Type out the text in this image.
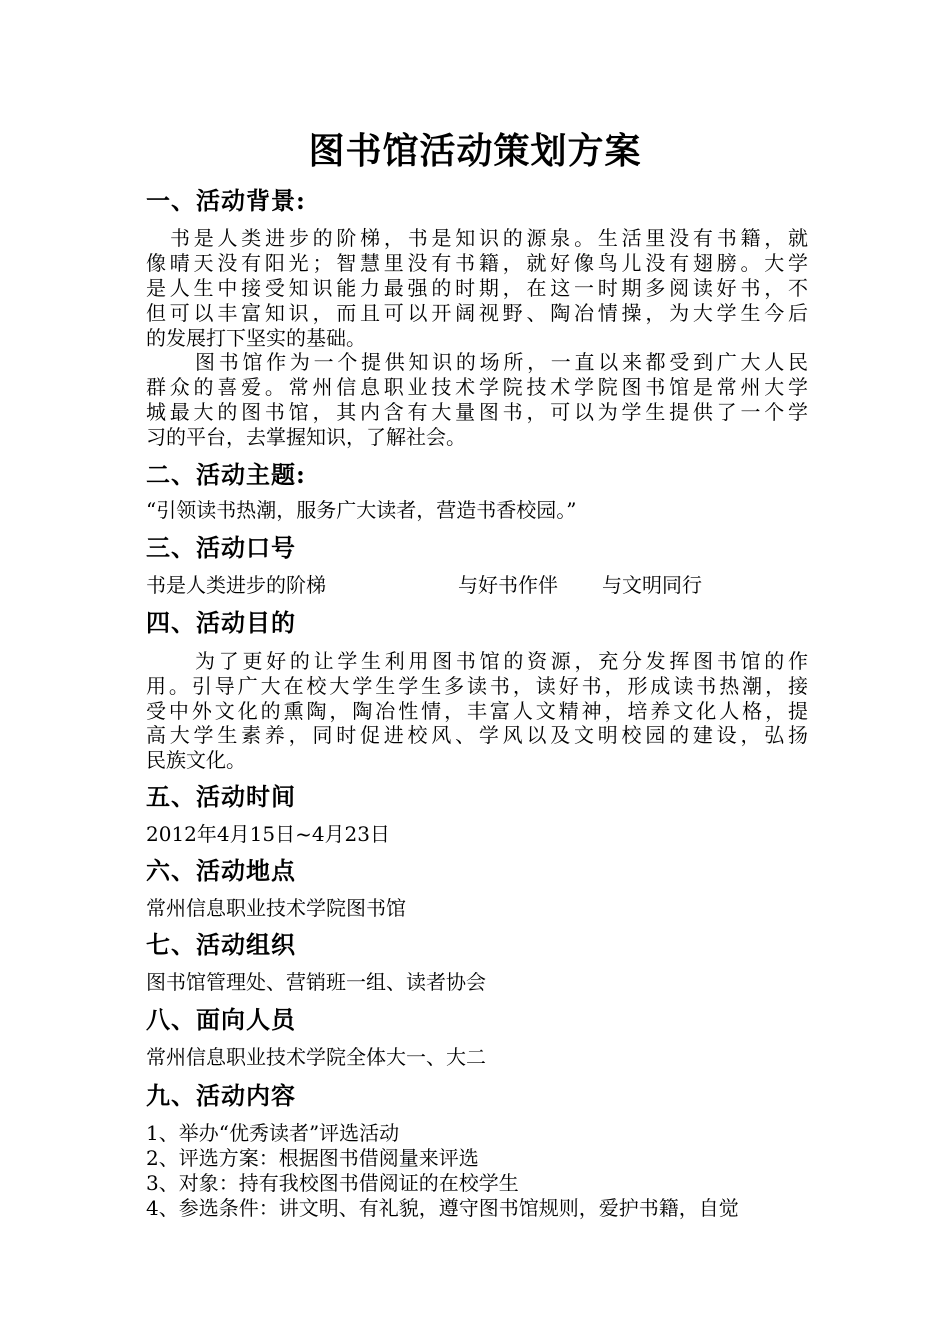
图书馆活动策划方案
一、活动背景:
书是人类进步的阶梯，书是知识的源泉。生活里没有书籍，就
像晴天没有阳光；智慧里没有书籍，就好像鸟儿没有翅膀。大学
是人生中接受知识能力最强的时期，在这一时期多阅读好书，不
但可以丰富知识，而且可以开阔视野、陶冶情操，为大学生今后
的发展打下坚实的基础。
图书馆作为一个提供知识的场所，一直以来都受到广大人民
群众的喜爱。常州信息职业技术学院技术学院图书馆是常州大学
城最大的图书馆，其内含有大量图书，可以为学生提供了一个学
习的平台，去掌握知识，了解社会。
二、活动主题:
“引领读书热潮，服务广大读者，营造书香校园。”
三、活动口号
书是人类进步的阶梯	与好书作伴 与文明同行
四、活动目的
为了更好的让学生利用图书馆的资源，充分发挥图书馆的作
用。引导广大在校大学生学生多读书，读好书，形成读书热潮，接
受中外文化的熏陶，陶冶性情，丰富人文精神，培养文化人格，提
高大学生素养，同时促进校风、学风以及文明校园的建设，弘扬
民族文化。
五、活动时间
2012年4月15日~4月23日
六、活动地点
常州信息职业技术学院图书馆
七、活动组织
图书馆管理处、营销班一组、读者协会
八、面向人员
常州信息职业技术学院全体大一、大二
九、活动内容
1、举办“优秀读者”评选活动
2、评选方案：根据图书借阅量来评选
3、对象：持有我校图书借阅证的在校学生
4、参选条件：讲文明、有礼貌，遵守图书馆规则，爱护书籍，自觉
